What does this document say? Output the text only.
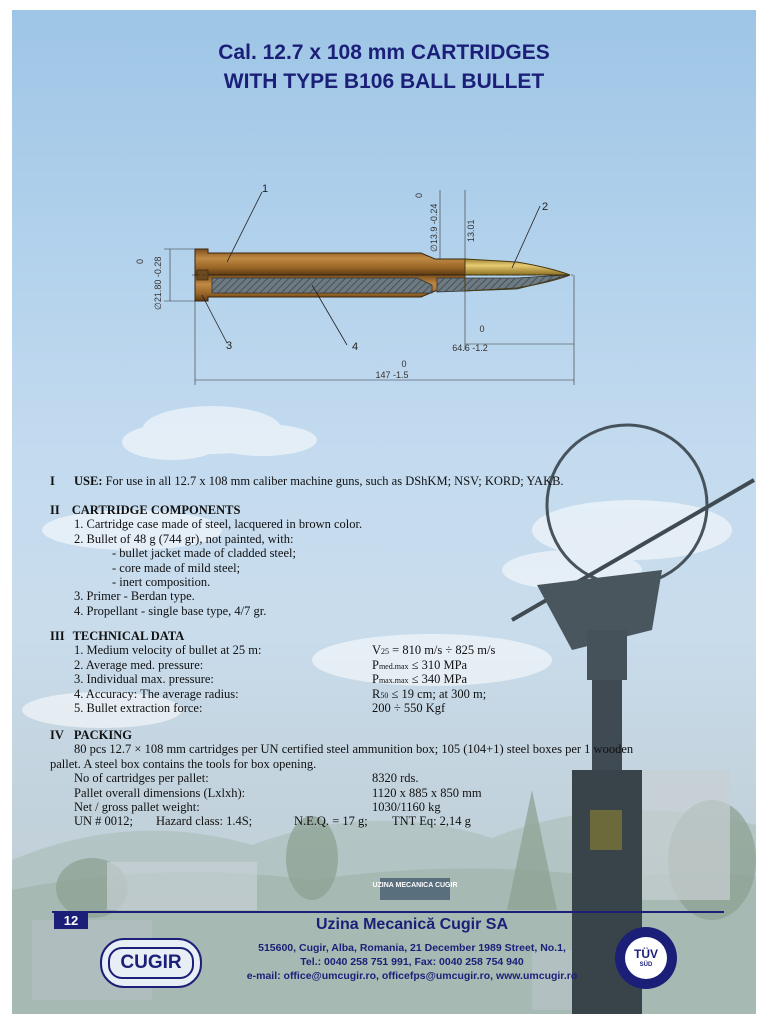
UZINA MECANICA CUGIR
Cal. 12.7 x 108 mm CARTRIDGES
WITH TYPE B106 BALL BULLET
1
2
3	4
∅21.80 -0.28
0
∅13.9 -0.24
0
13.01
0
64.6 -1.2
0
147 -1.5
I USE: For use in all 12.7 x 108 mm caliber machine guns, such as DShKM; NSV; KORD; YAKB.
II CARTRIDGE COMPONENTS
1. Cartridge case made of steel, lacquered in brown color.
2. Bullet of 48 g (744 gr), not painted, with:
- bullet jacket made of cladded steel;
- core made of mild steel;
- inert composition.
3. Primer - Berdan type.
4. Propellant - single base type, 4/7 gr.
III TECHNICAL DATA
1. Medium velocity of bullet at 25 m:	V25 = 810 m/s ÷ 825 m/s
2. Average med. pressure:	Pmed.max ≤ 310 MPa
3. Individual max. pressure:	Pmax.max ≤ 340 MPa
4. Accuracy: The average radius:	R50 ≤ 19 cm; at 300 m;
5. Bullet extraction force:	200 ÷ 550 Kgf
IV PACKING
80 pcs 12.7 × 108 mm cartridges per UN certified steel ammunition box; 105 (104+1) steel boxes per 1 wooden
pallet. A steel box contains the tools for box opening.
No of cartridges per pallet:	8320 rds.
Pallet overall dimensions (Lxlxh):	1120 x 885 x 850 mm
Net / gross pallet weight:	1030/1160 kg
UN # 0012; Hazard class: 1.4S;	N.E.Q. = 17 g; TNT Eq: 2,14 g
12	Uzina Mecanică Cugir SA
515600, Cugir, Alba, Romania, 21 December 1989 Street, No.1,
Tel.: 0040 258 751 991, Fax: 0040 258 754 940
e-mail: office@umcugir.ro, officefps@umcugir.ro, www.umcugir.ro
CUGIR	TÜV
SÜD
